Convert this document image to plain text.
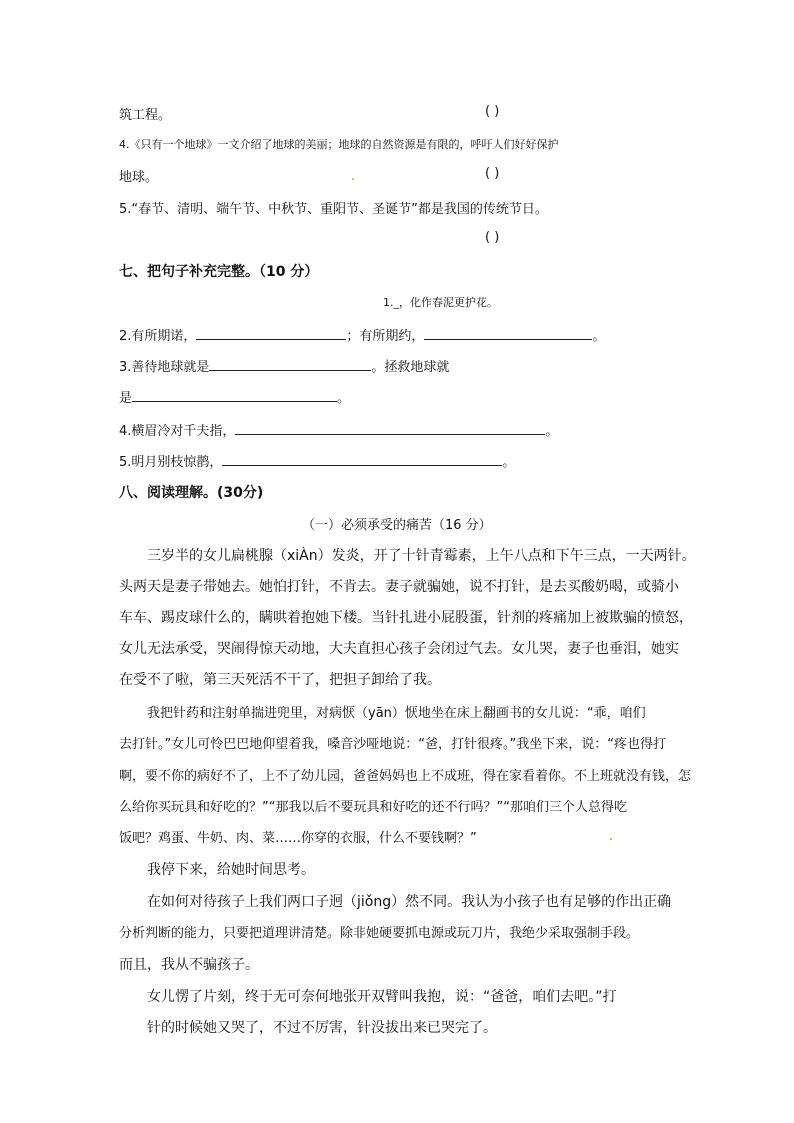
筑工程。	( )
4.《只有一个地球》一文介绍了地球的美丽；地球的自然资源是有限的，呼吁人们好好保护
地球。	( )
5.“春节、清明、端午节、中秋节、重阳节、圣诞节”都是我国的传统节日。
( )
七、把句子补充完整。（10 分）
1._，化作春泥更护花。
2.有所期诺，	；有所期约，	。
3.善待地球就是	。拯救地球就
是	。
4.横眉冷对千夫指，	。
5.明月别枝惊鹊，	。
八、阅读理解。(30分)
（一）必须承受的痛苦（16 分）
三岁半的女儿扁桃腺（xiÀn）发炎，开了十针青霉素，上午八点和下午三点，一天两针。
头两天是妻子带她去。她怕打针，不肯去。妻子就骗她，说不打针，是去买酸奶喝，或骑小
车车、踢皮球什么的，瞒哄着抱她下楼。当针扎进小屁股蛋，针剂的疼痛加上被欺骗的愤怒，
女儿无法承受，哭闹得惊天动地，大夫直担心孩子会闭过气去。女儿哭，妻子也垂泪，她实
在受不了啦，第三天死活不干了，把担子卸给了我。
我把针药和注射单揣进兜里，对病恹（yān）恹地坐在床上翻画书的女儿说：“乖，咱们
去打针。”女儿可怜巴巴地仰望着我，嗓音沙哑地说：“爸，打针很疼。”我坐下来，说：“疼也得打
啊，要不你的病好不了，上不了幼儿园，爸爸妈妈也上不成班，得在家看着你。不上班就没有钱，怎
么给你买玩具和好吃的？”“那我以后不要玩具和好吃的还不行吗？”“那咱们三个人总得吃
饭吧？鸡蛋、牛奶、肉、菜……你穿的衣服，什么不要钱啊？”
我停下来，给她时间思考。
在如何对待孩子上我们两口子迥（jiǒng）然不同。我认为小孩子也有足够的作出正确
分析判断的能力，只要把道理讲清楚。除非她硬要抓电源或玩刀片，我绝少采取强制手段。
而且，我从不骗孩子。
女儿愣了片刻，终于无可奈何地张开双臂叫我抱，说：“爸爸，咱们去吧。”打
针的时候她又哭了，不过不厉害，针没拔出来已哭完了。
